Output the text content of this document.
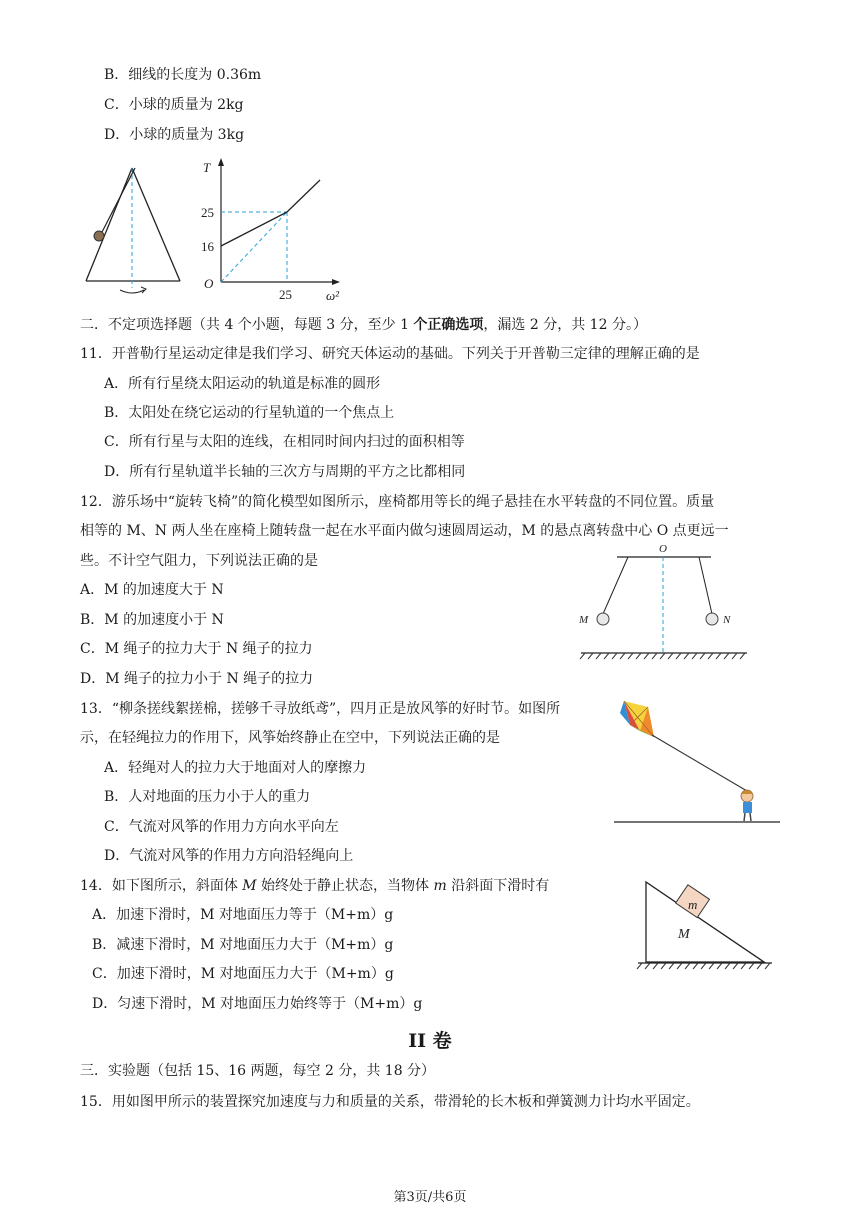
B．细线的长度为 0.36m
C．小球的质量为 2kg
D．小球的质量为 3kg
T
25
16
O
25	ω²
二．不定项选择题（共 4 个小题，每题 3 分，至少 1 个正确选项，漏选 2 分，共 12 分。）
11．开普勒行星运动定律是我们学习、研究天体运动的基础。下列关于开普勒三定律的理解正确的是
A．所有行星绕太阳运动的轨道是标准的圆形
B．太阳处在绕它运动的行星轨道的一个焦点上
C．所有行星与太阳的连线，在相同时间内扫过的面积相等
D．所有行星轨道半长轴的三次方与周期的平方之比都相同
12．游乐场中“旋转飞椅”的简化模型如图所示，座椅都用等长的绳子悬挂在水平转盘的不同位置。质量
相等的 M、N 两人坐在座椅上随转盘一起在水平面内做匀速圆周运动，M 的悬点离转盘中心 O 点更远一
些。不计空气阻力，下列说法正确的是
A．M 的加速度大于 N
B．M 的加速度小于 N
C．M 绳子的拉力大于 N 绳子的拉力
D．M 绳子的拉力小于 N 绳子的拉力
O
M	N
13．“柳条搓线絮搓棉，搓够千寻放纸鸢”，四月正是放风筝的好时节。如图所
示，在轻绳拉力的作用下，风筝始终静止在空中，下列说法正确的是
A．轻绳对人的拉力大于地面对人的摩擦力
B．人对地面的压力小于人的重力
C．气流对风筝的作用力方向水平向左
D．气流对风筝的作用力方向沿轻绳向上
14．如下图所示，斜面体 M 始终处于静止状态，当物体 m 沿斜面下滑时有
A．加速下滑时，M 对地面压力等于（M+m）g
B．减速下滑时，M 对地面压力大于（M+m）g
C．加速下滑时，M 对地面压力大于（M+m）g
D．匀速下滑时，M 对地面压力始终等于（M+m）g
m
M
II 卷
三．实验题（包括 15、16 两题，每空 2 分，共 18 分）
15．用如图甲所示的装置探究加速度与力和质量的关系，带滑轮的长木板和弹簧测力计均水平固定。
第3页/共6页
